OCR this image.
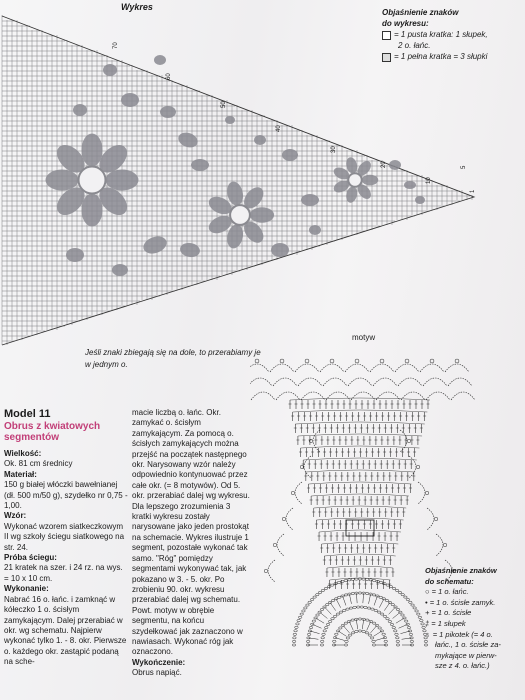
70
60
50
40
30
20
10
5
1
Wykres
Objaśnienie znaków
do wykresu:
= 1 pusta kratka: 1 słupek,
2 o. łańc.
= 1 pełna kratka = 3 słupki
Jeśli znaki zbiegają się na dole, to przerabiamy je w jednym o.
motyw
Model 11
Obrus z kwiatowych segmentów
Wielkość:
Ok. 81 cm średnicy
Materiał:
150 g białej włóczki bawełnianej (dł. 500 m/50 g), szydełko nr 0,75 - 1,00.
Wzór:
Wykonać wzorem siatkeczkowym II wg szkoły ściegu siatkowego na str. 24.
Próba ściegu:
21 kratek na szer. i 24 rz. na wys. = 10 x 10 cm.
Wykonanie:
Nabrać 16 o. łańc. i zamknąć w kółeczko 1 o. ścisłym zamykającym. Dalej przerabiać w okr. wg schematu. Najpierw wykonać tylko 1. - 8. okr. Pierwsze o. każdego okr. zastąpić podaną na sche-
macie liczbą o. łańc. Okr. zamykać o. ścisłym zamykającym. Za pomocą o. ścisłych zamykających można przejść na początek następnego okr. Narysowany wzór należy odpowiednio kontynuować przez całe okr. (= 8 motywów). Od 5. okr. przerabiać dalej wg wykresu. Dla lepszego zrozumienia 3 kratki wykresu zostały narysowane jako jeden prostokąt na schemacie. Wykres ilustruje 1 segment, pozostałe wykonać tak samo. "Róg" pomiędzy segmentami wykonywać tak, jak pokazano w 3. - 5. okr. Po zrobieniu 90. okr. wykresu przerabiać dalej wg schematu. Powt. motyw w obrębie segmentu, na końcu szydełkować jak zaznaczono w nawiasach. Wykonać róg jak oznaczono.
Wykończenie:
Obrus napiąć.
Objaśnienie znaków
do schematu:
○ = 1 o. łańc.
• = 1 o. ścisłe zamyk.
+ = 1 o. ścisłe
‡ = 1 słupek
♁ = 1 pikotek (= 4 o.
łańc., 1 o. ścisłe za-
mykające w pierw-
sze z 4. o. łańc.)
